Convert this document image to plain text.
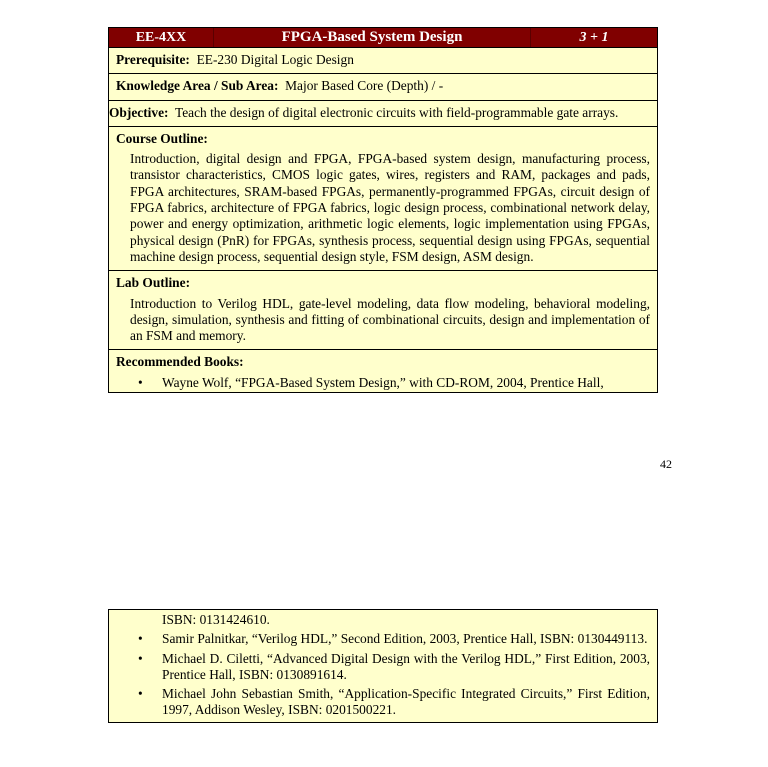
EE-4XX	FPGA-Based System Design	3 + 1
Prerequisite: EE-230 Digital Logic Design
Knowledge Area / Sub Area: Major Based Core (Depth) / -
Objective: Teach the design of digital electronic circuits with field-programmable gate arrays.
Course Outline:
Introduction, digital design and FPGA, FPGA-based system design, manufacturing process, transistor characteristics, CMOS logic gates, wires, registers and RAM, packages and pads, FPGA architectures, SRAM-based FPGAs, permanently-programmed FPGAs, circuit design of FPGA fabrics, architecture of FPGA fabrics, logic design process, combinational network delay, power and energy optimization, arithmetic logic elements, logic implementation using FPGAs, physical design (PnR) for FPGAs, synthesis process, sequential design using FPGAs, sequential machine design process, sequential design style, FSM design, ASM design.
Lab Outline:
Introduction to Verilog HDL, gate-level modeling, data flow modeling, behavioral modeling, design, simulation, synthesis and fitting of combinational circuits, design and implementation of an FSM and memory.
Recommended Books:
• Wayne Wolf, “FPGA-Based System Design,” with CD-ROM, 2004, Prentice Hall,
42
ISBN: 0131424610.
• Samir Palnitkar, “Verilog HDL,” Second Edition, 2003, Prentice Hall, ISBN: 0130449113.
• Michael D. Ciletti, “Advanced Digital Design with the Verilog HDL,” First Edition, 2003, Prentice Hall, ISBN: 0130891614.
• Michael John Sebastian Smith, “Application-Specific Integrated Circuits,” First Edition, 1997, Addison Wesley, ISBN: 0201500221.
